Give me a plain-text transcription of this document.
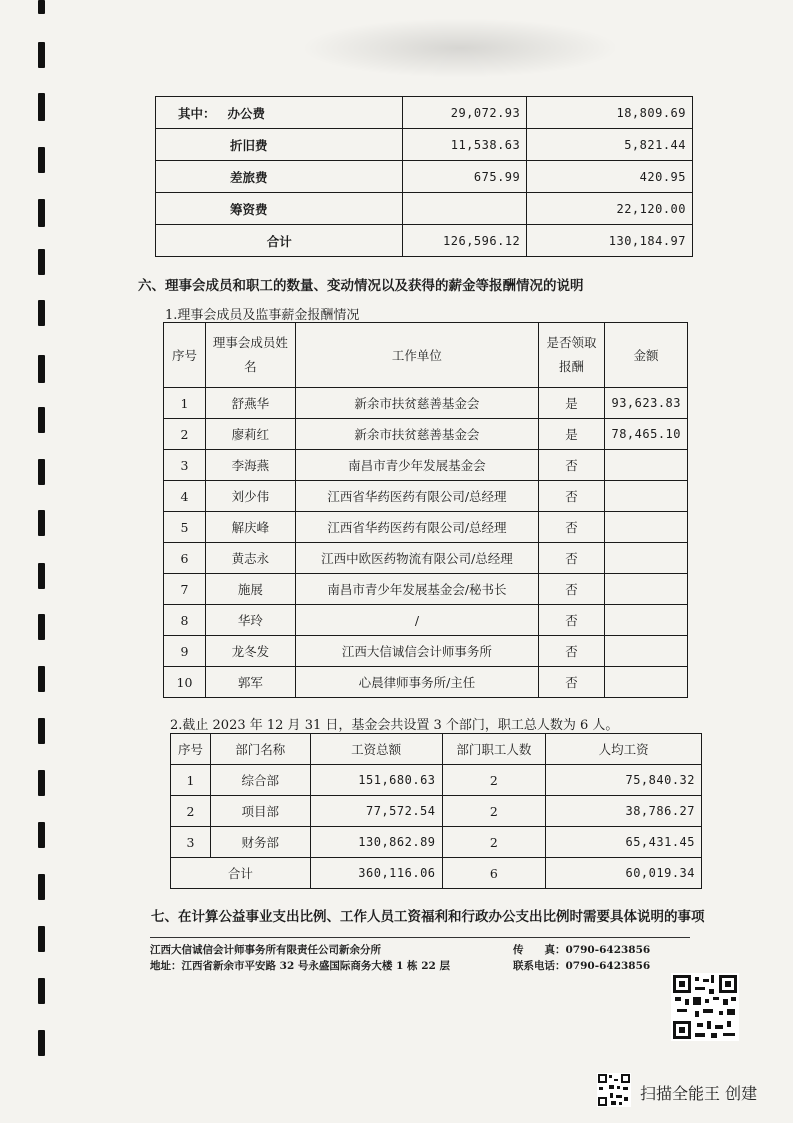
其中： 办公费	29,072.93	18,809.69
折旧费	11,538.63	5,821.44
差旅费	675.99	420.95
筹资费		22,120.00
合计	126,596.12	130,184.97
六、理事会成员和职工的数量、变动情况以及获得的薪金等报酬情况的说明
1.理事会成员及监事薪金报酬情况
序号	理事会成员姓名	工作单位	是否领取报酬	金额
1	舒燕华	新余市扶贫慈善基金会	是	93,623.83
2	廖莉红	新余市扶贫慈善基金会	是	78,465.10
3	李海燕	南昌市青少年发展基金会	否	
4	刘少伟	江西省华药医药有限公司/总经理	否	
5	解庆峰	江西省华药医药有限公司/总经理	否	
6	黄志永	江西中欧医药物流有限公司/总经理	否	
7	施展	南昌市青少年发展基金会/秘书长	否	
8	华玲	/	否	
9	龙冬发	江西大信诚信会计师事务所	否	
10	郭军	心晨律师事务所/主任	否	
2.截止 2023 年 12 月 31 日，基金会共设置 3 个部门，职工总人数为 6 人。
序号	部门名称	工资总额	部门职工人数	人均工资
1	综合部	151,680.63	2	75,840.32
2	项目部	77,572.54	2	38,786.27
3	财务部	130,862.89	2	65,431.45
合计		360,116.06	6	60,019.34
七、在计算公益事业支出比例、工作人员工资福利和行政办公支出比例时需要具体说明的事项
江西大信诚信会计师事务所有限责任公司新余分所
地址：江西省新余市平安路 32 号永盛国际商务大楼 1 栋 22 层
传　　真：0790-6423856
联系电话：0790-6423856
扫描全能王 创建
